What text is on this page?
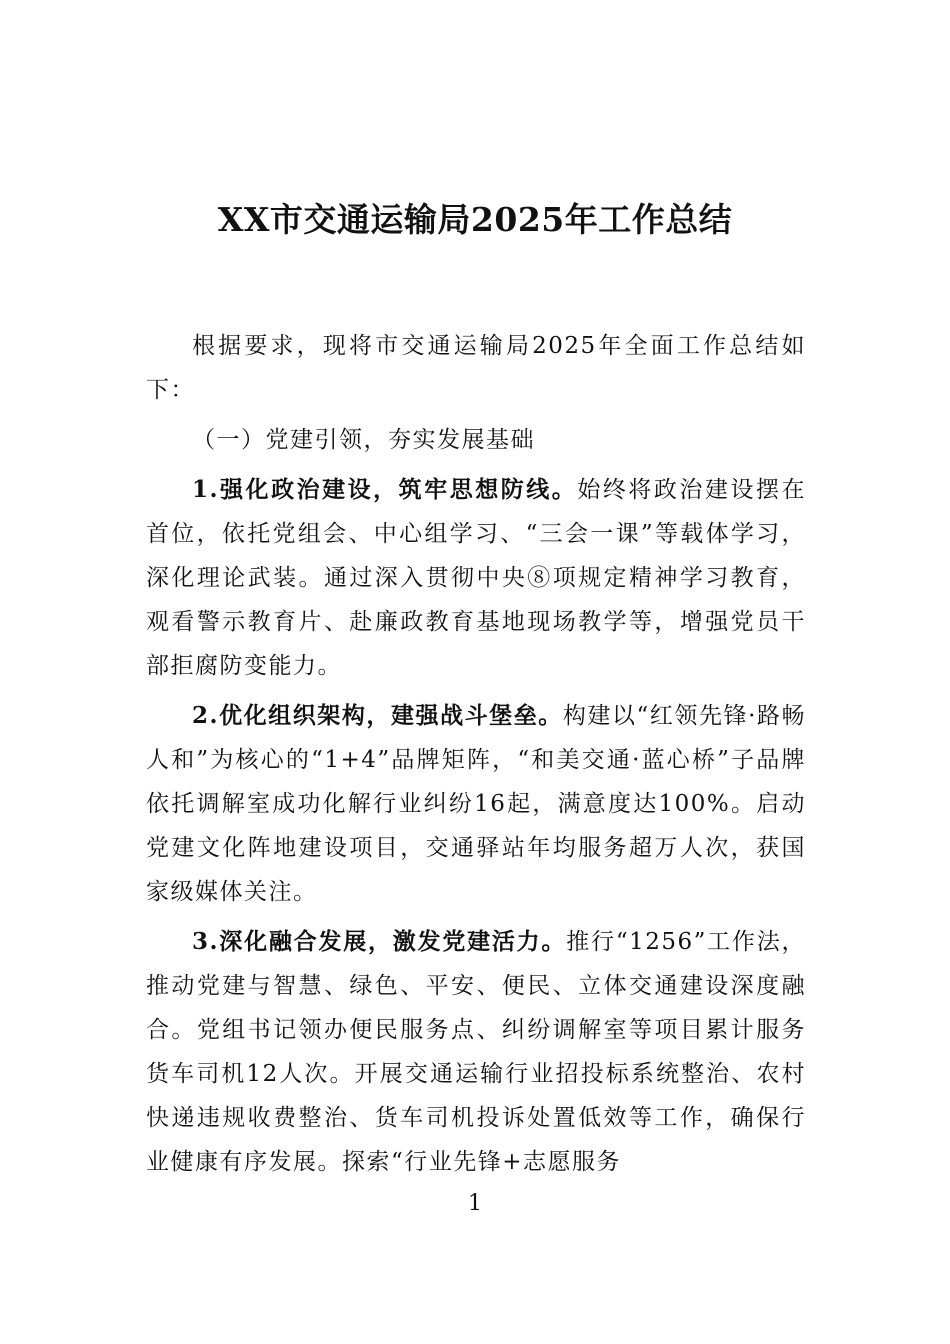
XX市交通运输局2025年工作总结

根据要求，现将市交通运输局2025年全面工作总结如下：

（一）党建引领，夯实发展基础

1.强化政治建设，筑牢思想防线。始终将政治建设摆在首位，依托党组会、中心组学习、“三会一课”等载体学习，深化理论武装。通过深入贯彻中央⑧项规定精神学习教育，观看警示教育片、赴廉政教育基地现场教学等，增强党员干部拒腐防变能力。

2.优化组织架构，建强战斗堡垒。构建以“红领先锋·路畅人和”为核心的“1+4”品牌矩阵，“和美交通·蓝心桥”子品牌依托调解室成功化解行业纠纷16起，满意度达100%。启动党建文化阵地建设项目，交通驿站年均服务超万人次，获国家级媒体关注。

3.深化融合发展，激发党建活力。推行“1256”工作法，推动党建与智慧、绿色、平安、便民、立体交通建设深度融合。党组书记领办便民服务点、纠纷调解室等项目累计服务货车司机12人次。开展交通运输行业招投标系统整治、农村快递违规收费整治、货车司机投诉处置低效等工作，确保行业健康有序发展。探索“行业先锋+志愿服务

1
